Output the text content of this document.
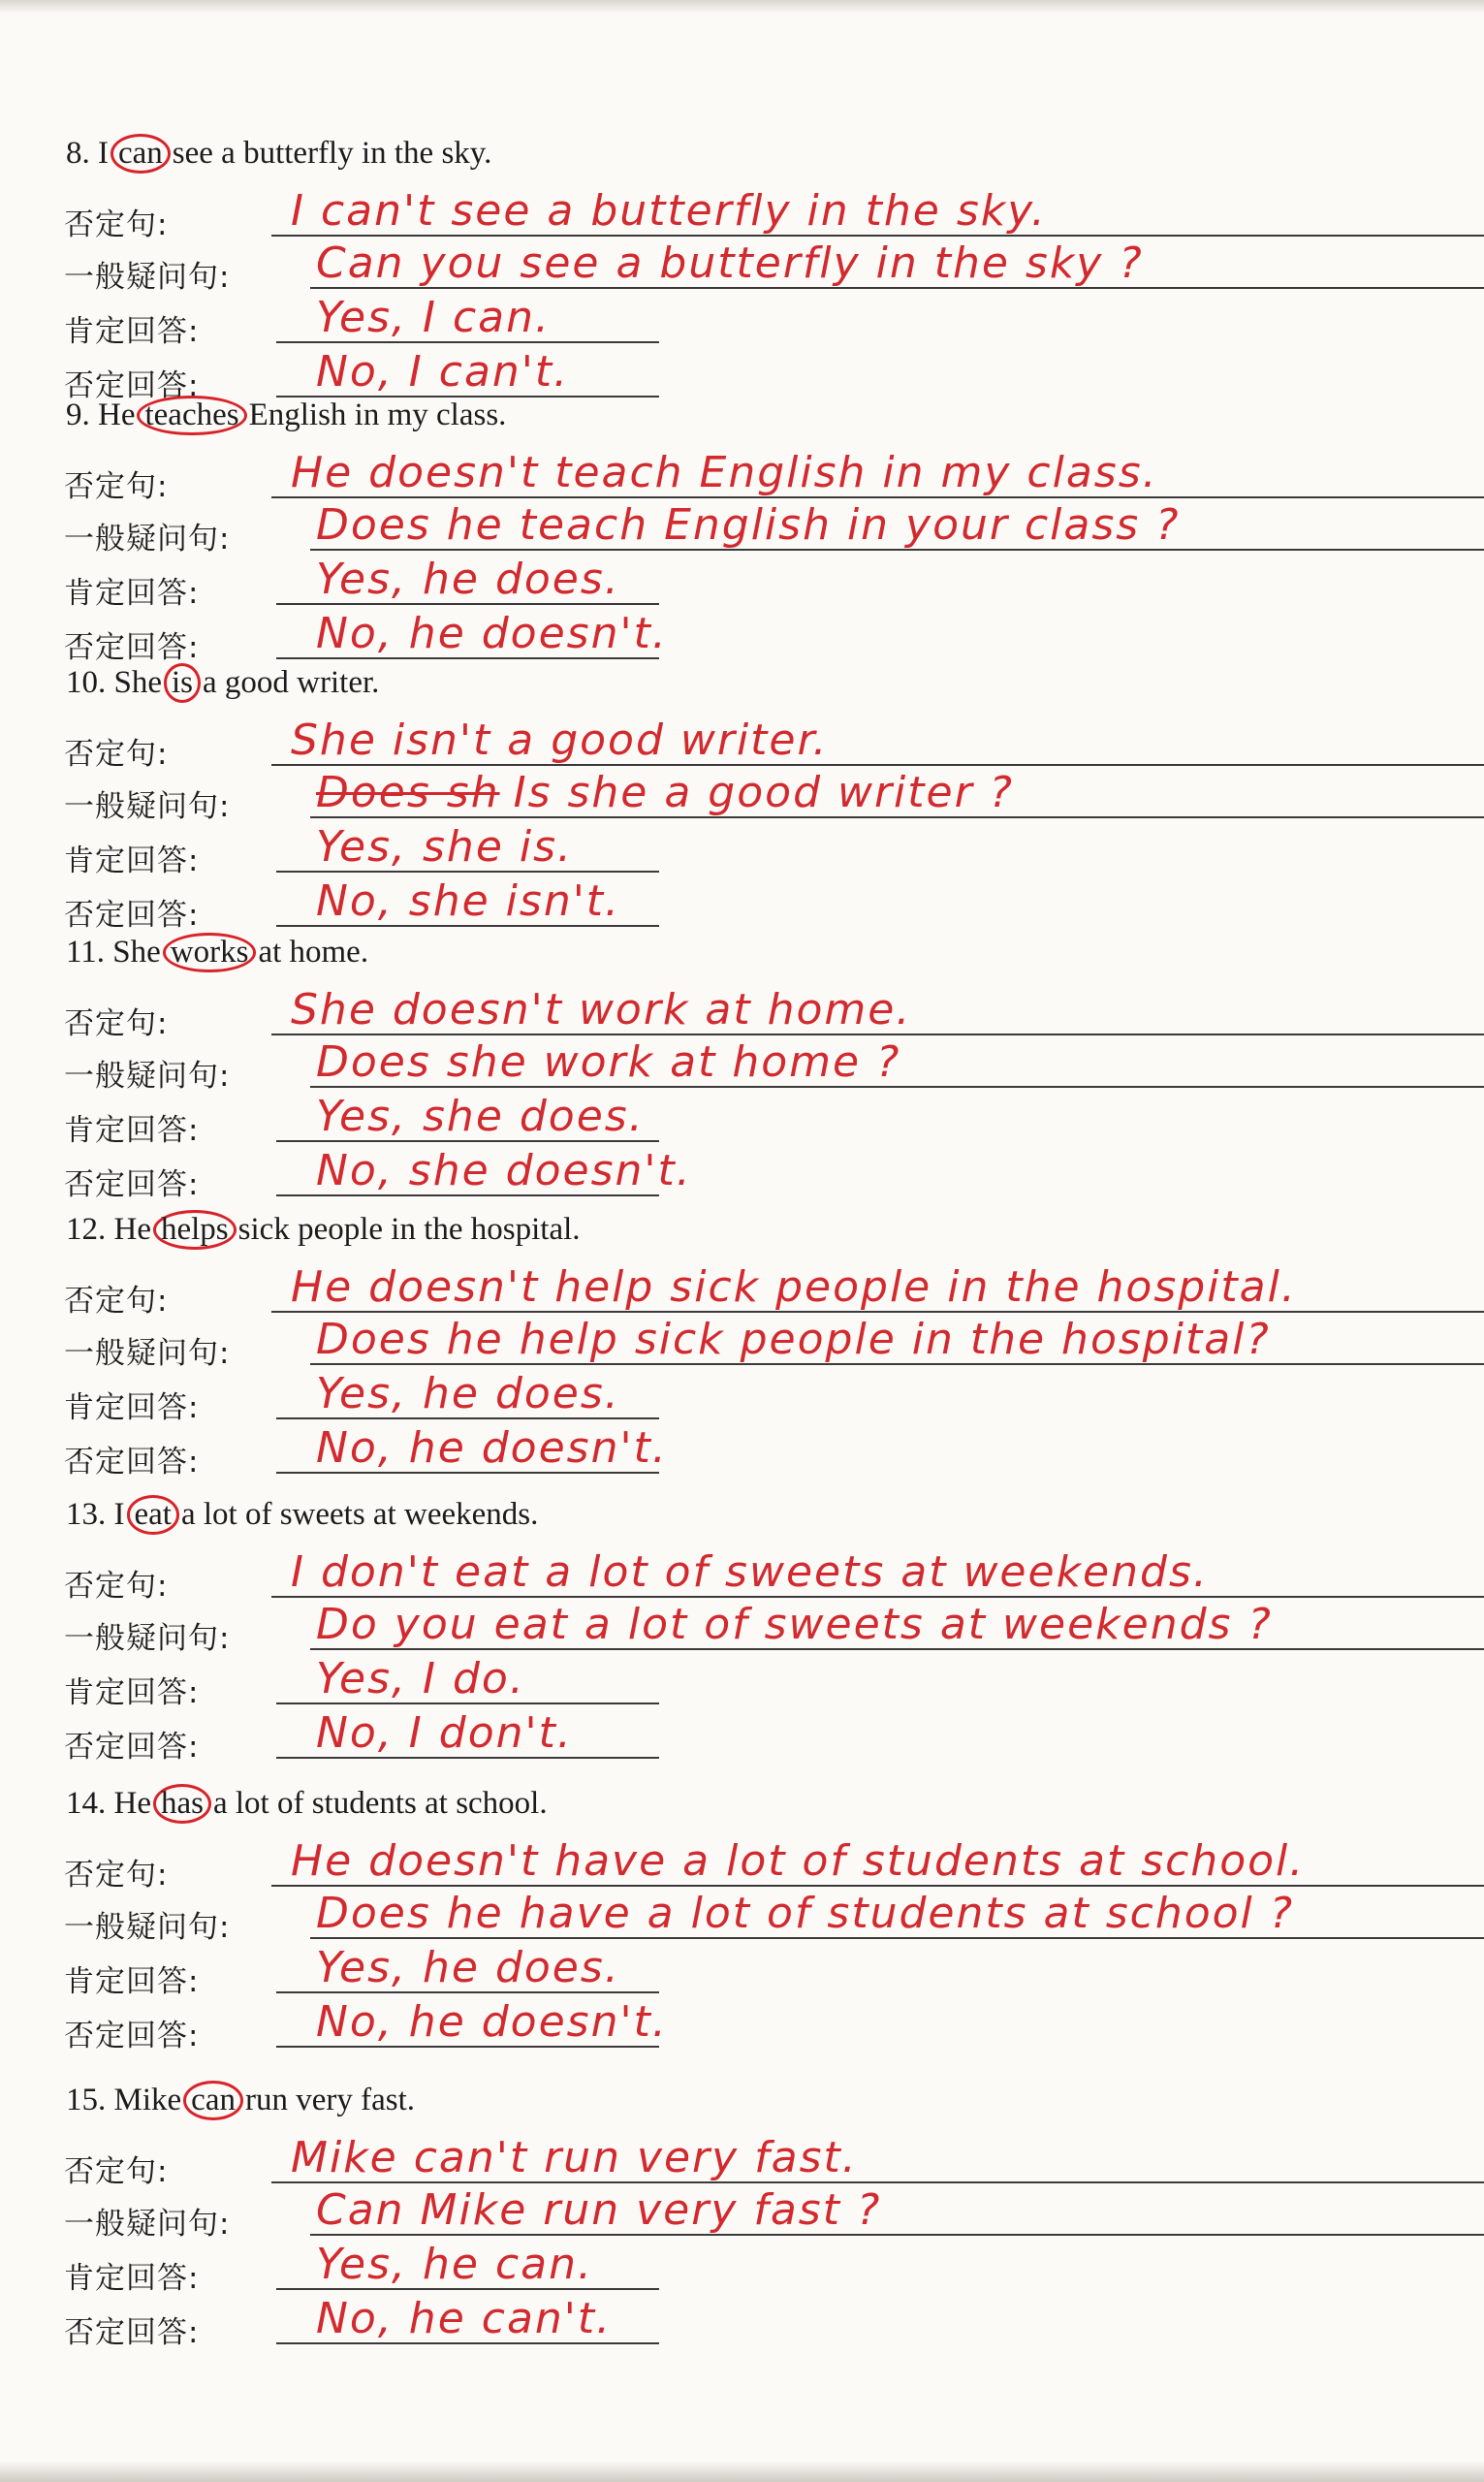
8. I can see a butterfly in the sky.
否定句:	I can't see a butterfly in the sky.
一般疑问句: Can you see a butterfly in the sky ?
肯定回答:	Yes, I can.
否定回答:	No, I can't.
9. He teaches English in my class.
否定句:	He doesn't teach English in my class.
一般疑问句: Does he teach English in your class ?
肯定回答:	Yes, he does.
否定回答:	No, he doesn't.
10. She is a good writer.
否定句:	She isn't a good writer.
一般疑问句: Does sh Is she a good writer ?
肯定回答:	Yes, she is.
否定回答:	No, she isn't.
11. She works at home.
否定句:	She doesn't work at home.
一般疑问句: Does she work at home ?
肯定回答:	Yes, she does.
否定回答:	No, she doesn't.
12. He helps sick people in the hospital.
否定句:	He doesn't help sick people in the hospital.
一般疑问句: Does he help sick people in the hospital?
肯定回答:	Yes, he does.
否定回答:	No, he doesn't.
13. I eat a lot of sweets at weekends.
否定句:	I don't eat a lot of sweets at weekends.
一般疑问句: Do you eat a lot of sweets at weekends ?
肯定回答:	Yes, I do.
否定回答:	No, I don't.
14. He has a lot of students at school.
否定句:	He doesn't have a lot of students at school.
一般疑问句: Does he have a lot of students at school ?
肯定回答:	Yes, he does.
否定回答:	No, he doesn't.
15. Mike can run very fast.
否定句:	Mike can't run very fast.
一般疑问句: Can Mike run very fast ?
肯定回答:	Yes, he can.
否定回答:	No, he can't.
